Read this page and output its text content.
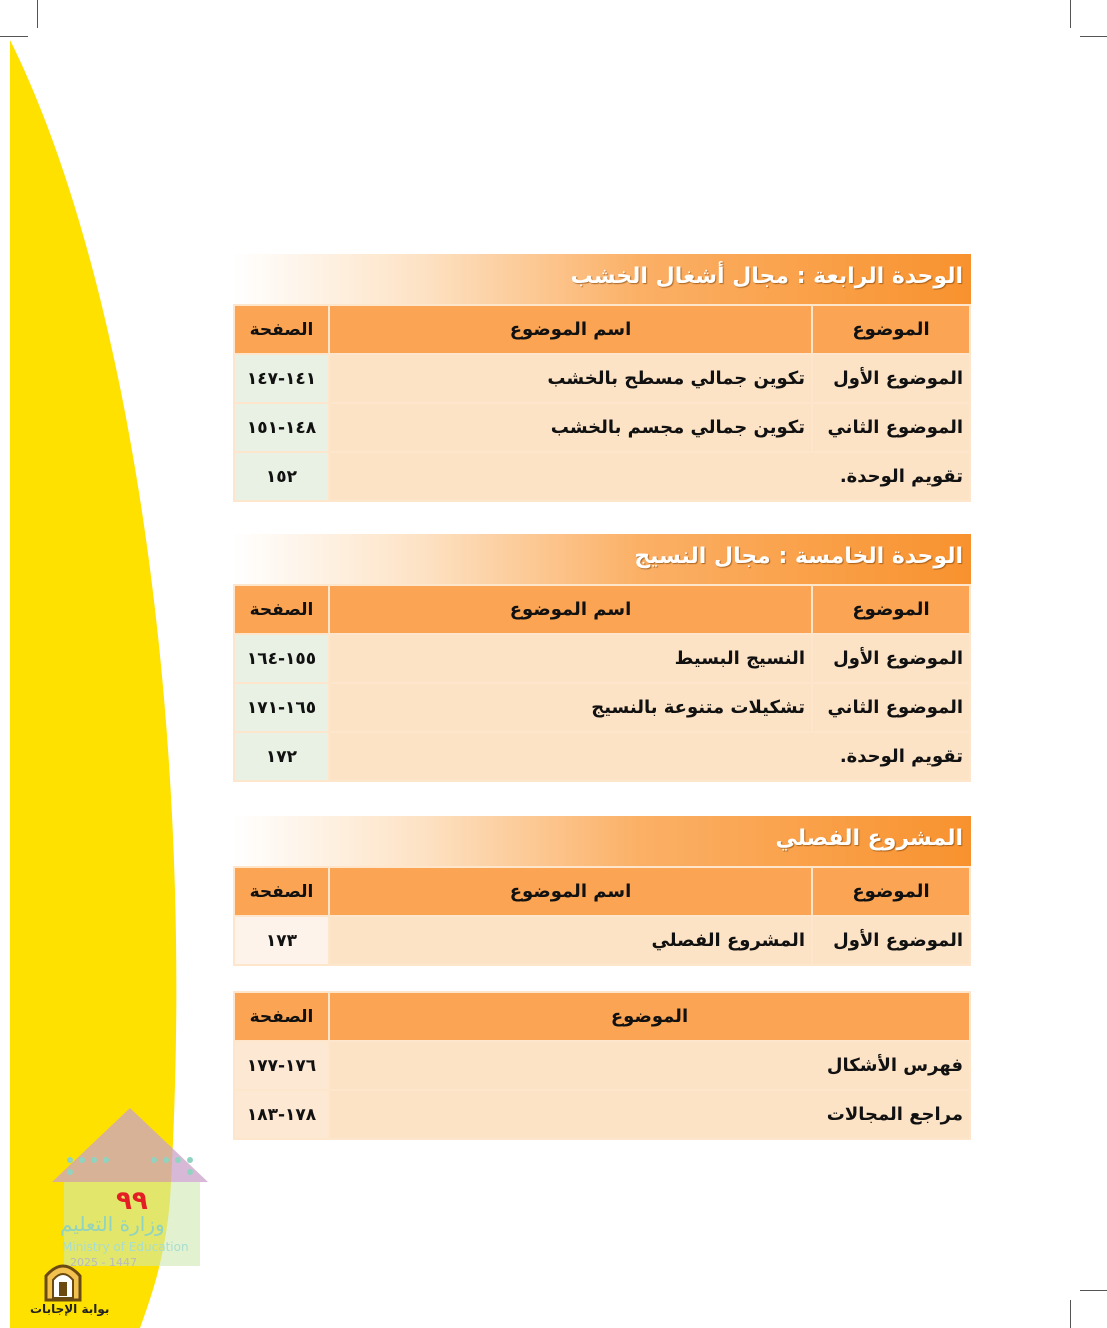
الوحدة الرابعة : مجال أشغال الخشب
الموضوع	اسم الموضوع	الصفحة
الموضوع الأول	تكوين جمالي مسطح بالخشب	١٤١-١٤٧
الموضوع الثاني	تكوين جمالي مجسم بالخشب	١٤٨-١٥١
تقويم الوحدة.		١٥٢
الوحدة الخامسة : مجال النسيج
الموضوع	اسم الموضوع	الصفحة
الموضوع الأول	النسيج البسيط	١٥٥-١٦٤
الموضوع الثاني	تشكيلات متنوعة بالنسيج	١٦٥-١٧١
تقويم الوحدة.		١٧٢
المشروع الفصلي
الموضوع	اسم الموضوع	الصفحة
الموضوع الأول	المشروع الفصلي	١٧٣
الموضوع	الصفحة
فهرس الأشكال	١٧٦-١٧٧
مراجع المجالات	١٧٨-١٨٣
٩٩
وزارة التعليم
Ministry of Education
2025 - 1447
بوابة الإجابات
